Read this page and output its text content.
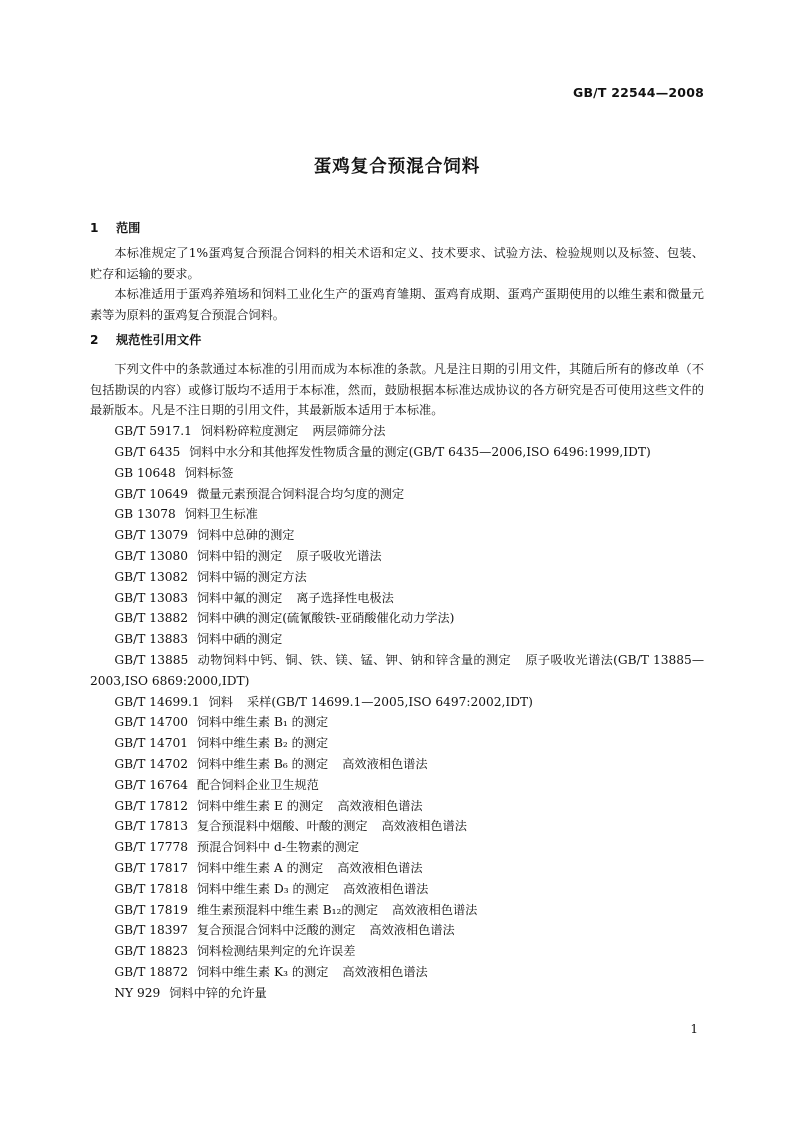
GB/T 22544—2008
蛋鸡复合预混合饲料
1 范围

本标准规定了1%蛋鸡复合预混合饲料的相关术语和定义、技术要求、试验方法、检验规则以及标签、包装、贮存和运输的要求。

本标准适用于蛋鸡养殖场和饲料工业化生产的蛋鸡育雏期、蛋鸡育成期、蛋鸡产蛋期使用的以维生素和微量元素等为原料的蛋鸡复合预混合饲料。

2 规范性引用文件

下列文件中的条款通过本标准的引用而成为本标准的条款。凡是注日期的引用文件，其随后所有的修改单（不包括勘误的内容）或修订版均不适用于本标准，然而，鼓励根据本标准达成协议的各方研究是否可使用这些文件的最新版本。凡是不注日期的引用文件，其最新版本适用于本标准。

GB/T 5917.1 饲料粉碎粒度测定 两层筛筛分法
GB/T 6435 饲料中水分和其他挥发性物质含量的测定(GB/T 6435—2006,ISO 6496:1999,IDT)
GB 10648 饲料标签
GB/T 10649 微量元素预混合饲料混合均匀度的测定
GB 13078 饲料卫生标准
GB/T 13079 饲料中总砷的测定
GB/T 13080 饲料中铅的测定 原子吸收光谱法
GB/T 13082 饲料中镉的测定方法
GB/T 13083 饲料中氟的测定 离子选择性电极法
GB/T 13882 饲料中碘的测定(硫氰酸铁-亚硝酸催化动力学法)
GB/T 13883 饲料中硒的测定
GB/T 13885 动物饲料中钙、铜、铁、镁、锰、钾、钠和锌含量的测定 原子吸收光谱法(GB/T 13885—2003,ISO 6869:2000,IDT)
GB/T 14699.1 饲料 采样(GB/T 14699.1—2005,ISO 6497:2002,IDT)
GB/T 14700 饲料中维生素 B₁ 的测定
GB/T 14701 饲料中维生素 B₂ 的测定
GB/T 14702 饲料中维生素 B₆ 的测定 高效液相色谱法
GB/T 16764 配合饲料企业卫生规范
GB/T 17812 饲料中维生素 E 的测定 高效液相色谱法
GB/T 17813 复合预混料中烟酸、叶酸的测定 高效液相色谱法
GB/T 17778 预混合饲料中 d-生物素的测定
GB/T 17817 饲料中维生素 A 的测定 高效液相色谱法
GB/T 17818 饲料中维生素 D₃ 的测定 高效液相色谱法
GB/T 17819 维生素预混料中维生素 B₁₂的测定 高效液相色谱法
GB/T 18397 复合预混合饲料中泛酸的测定 高效液相色谱法
GB/T 18823 饲料检测结果判定的允许误差
GB/T 18872 饲料中维生素 K₃ 的测定 高效液相色谱法
NY 929 饲料中锌的允许量
1
